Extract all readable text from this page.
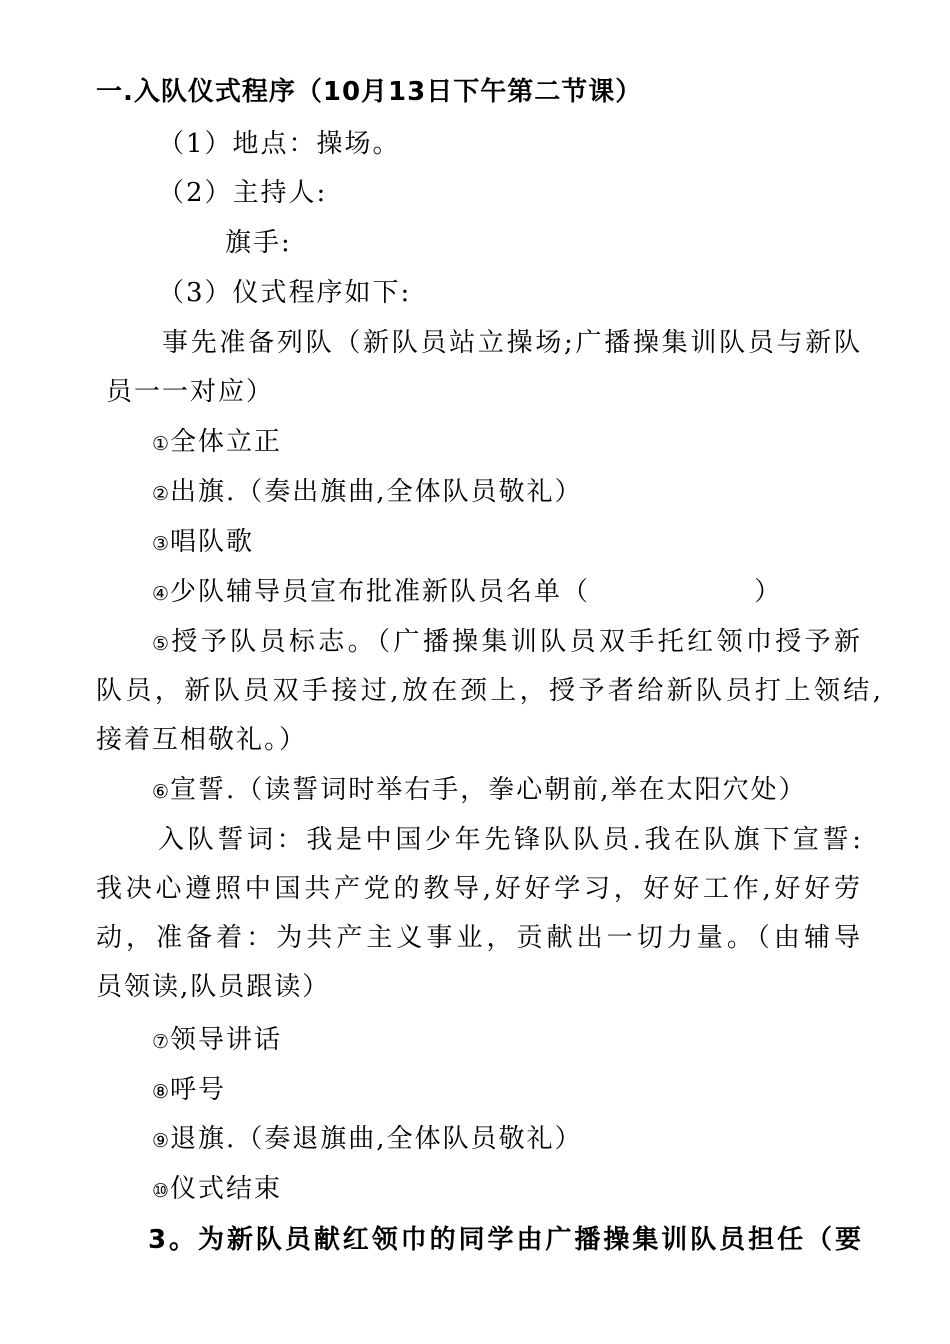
一.入队仪式程序（10月13日下午第二节课）
（1）地点：操场。
（2）主持人:
旗手:
（3）仪式程序如下:
事先准备列队（新队员站立操场;广播操集训队员与新队
员一一对应）
①全体立正
②出旗.（奏出旗曲,全体队员敬礼）
③唱队歌
④少队辅导员宣布批准新队员名单（                ）
⑤授予队员标志。（广播操集训队员双手托红领巾授予新
队员，新队员双手接过,放在颈上，授予者给新队员打上领结,
接着互相敬礼。）
⑥宣誓.（读誓词时举右手，拳心朝前,举在太阳穴处）
入队誓词：我是中国少年先锋队队员.我在队旗下宣誓:
我决心遵照中国共产党的教导,好好学习，好好工作,好好劳
动，准备着：为共产主义事业，贡献出一切力量。（由辅导
员领读,队员跟读）
⑦领导讲话
⑧呼号
⑨退旗.（奏退旗曲,全体队员敬礼）
⑩仪式结束
3。为新队员献红领巾的同学由广播操集训队员担任（要
